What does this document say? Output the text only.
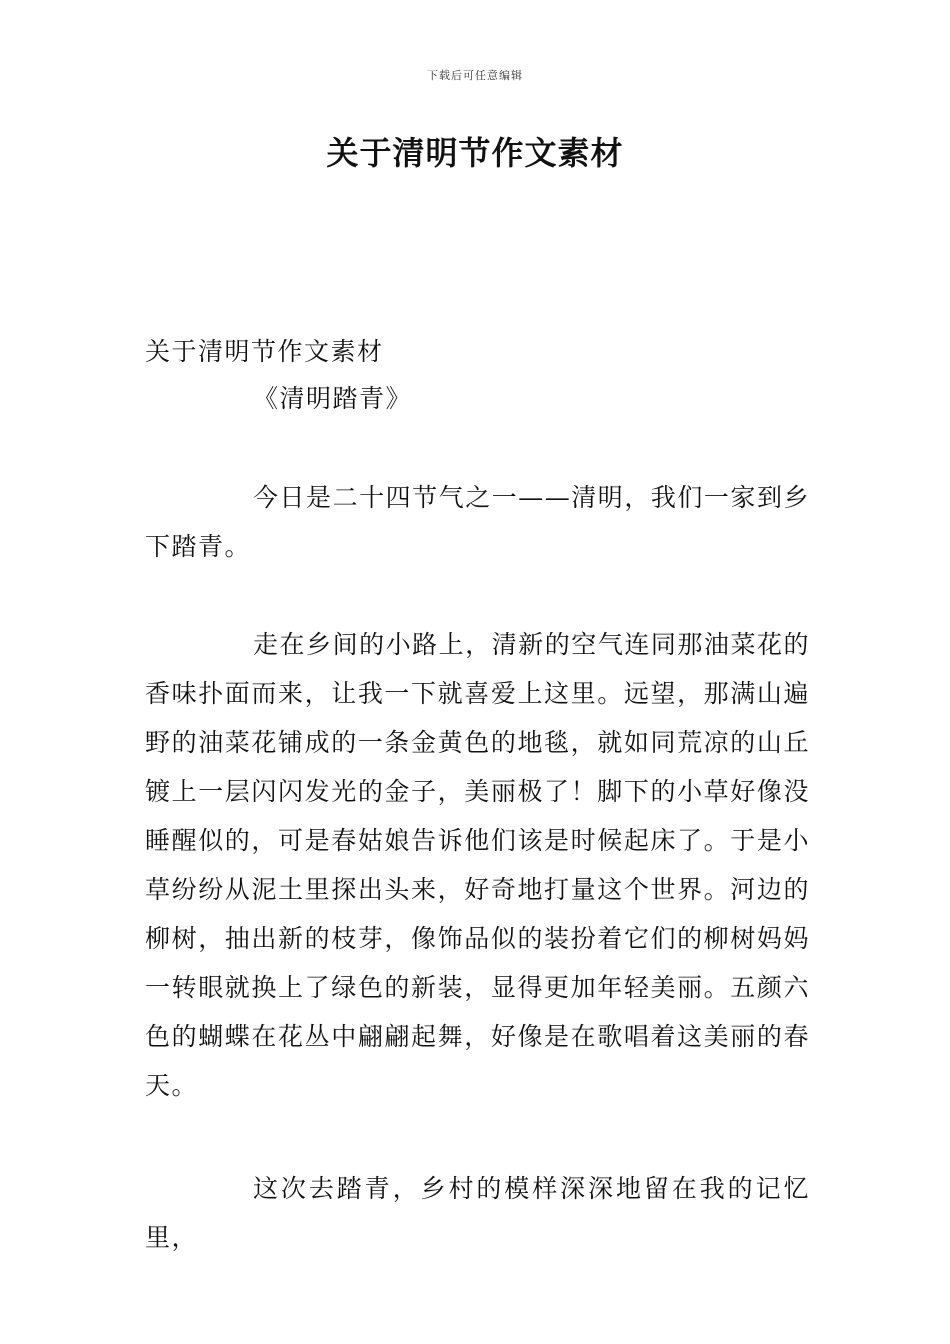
下载后可任意编辑
关于清明节作文素材

关于清明节作文素材

《清明踏青》

今日是二十四节气之一——清明，我们一家到乡下踏青。

走在乡间的小路上，清新的空气连同那油菜花的香味扑面而来，让我一下就喜爱上这里。远望，那满山遍野的油菜花铺成的一条金黄色的地毯，就如同荒凉的山丘镀上一层闪闪发光的金子，美丽极了！脚下的小草好像没睡醒似的，可是春姑娘告诉他们该是时候起床了。于是小草纷纷从泥土里探出头来，好奇地打量这个世界。河边的柳树，抽出新的枝芽，像饰品似的装扮着它们的柳树妈妈一转眼就换上了绿色的新装，显得更加年轻美丽。五颜六色的蝴蝶在花丛中翩翩起舞，好像是在歌唱着这美丽的春天。

这次去踏青，乡村的模样深深地留在我的记忆里，
